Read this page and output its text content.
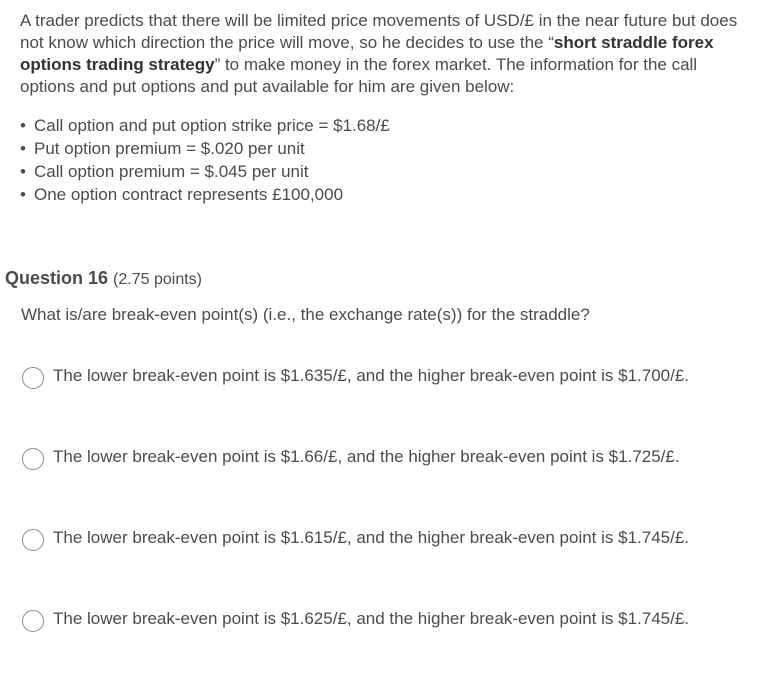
A trader predicts that there will be limited price movements of USD/£ in the near future but does not know which direction the price will move, so he decides to use the “short straddle forex options trading strategy” to make money in the forex market. The information for the call options and put options and put available for him are given below:

• Call option and put option strike price = $1.68/£
• Put option premium = $.020 per unit
• Call option premium = $.045 per unit
• One option contract represents £100,000
Question 16 (2.75 points)
What is/are break-even point(s) (i.e., the exchange rate(s)) for the straddle?
The lower break-even point is $1.635/£, and the higher break-even point is $1.700/£.
The lower break-even point is $1.66/£, and the higher break-even point is $1.725/£.
The lower break-even point is $1.615/£, and the higher break-even point is $1.745/£.
The lower break-even point is $1.625/£, and the higher break-even point is $1.745/£.
